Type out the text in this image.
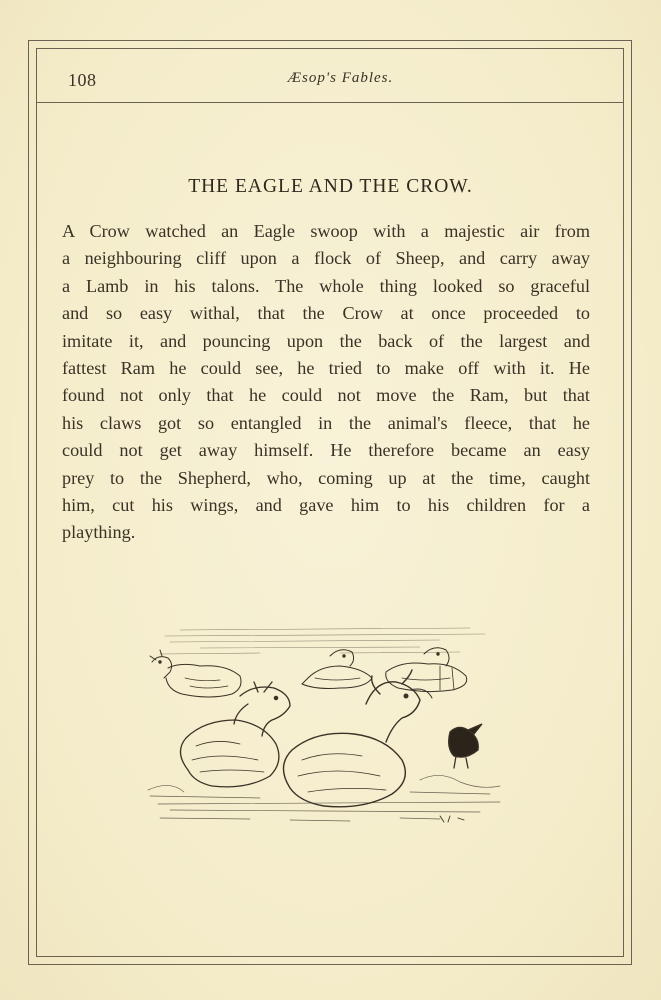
108	Æsop's Fables.
THE EAGLE AND THE CROW.
A Crow watched an Eagle swoop with a majestic air from
a neighbouring cliff upon a flock of Sheep, and carry away
a Lamb in his talons. The whole thing looked so graceful
and so easy withal, that the Crow at once proceeded to
imitate it, and pouncing upon the back of the largest and
fattest Ram he could see, he tried to make off with it. He
found not only that he could not move the Ram, but that
his claws got so entangled in the animal's fleece, that he
could not get away himself. He therefore became an easy
prey to the Shepherd, who, coming up at the time, caught
him, cut his wings, and gave him to his children for a
plaything.
